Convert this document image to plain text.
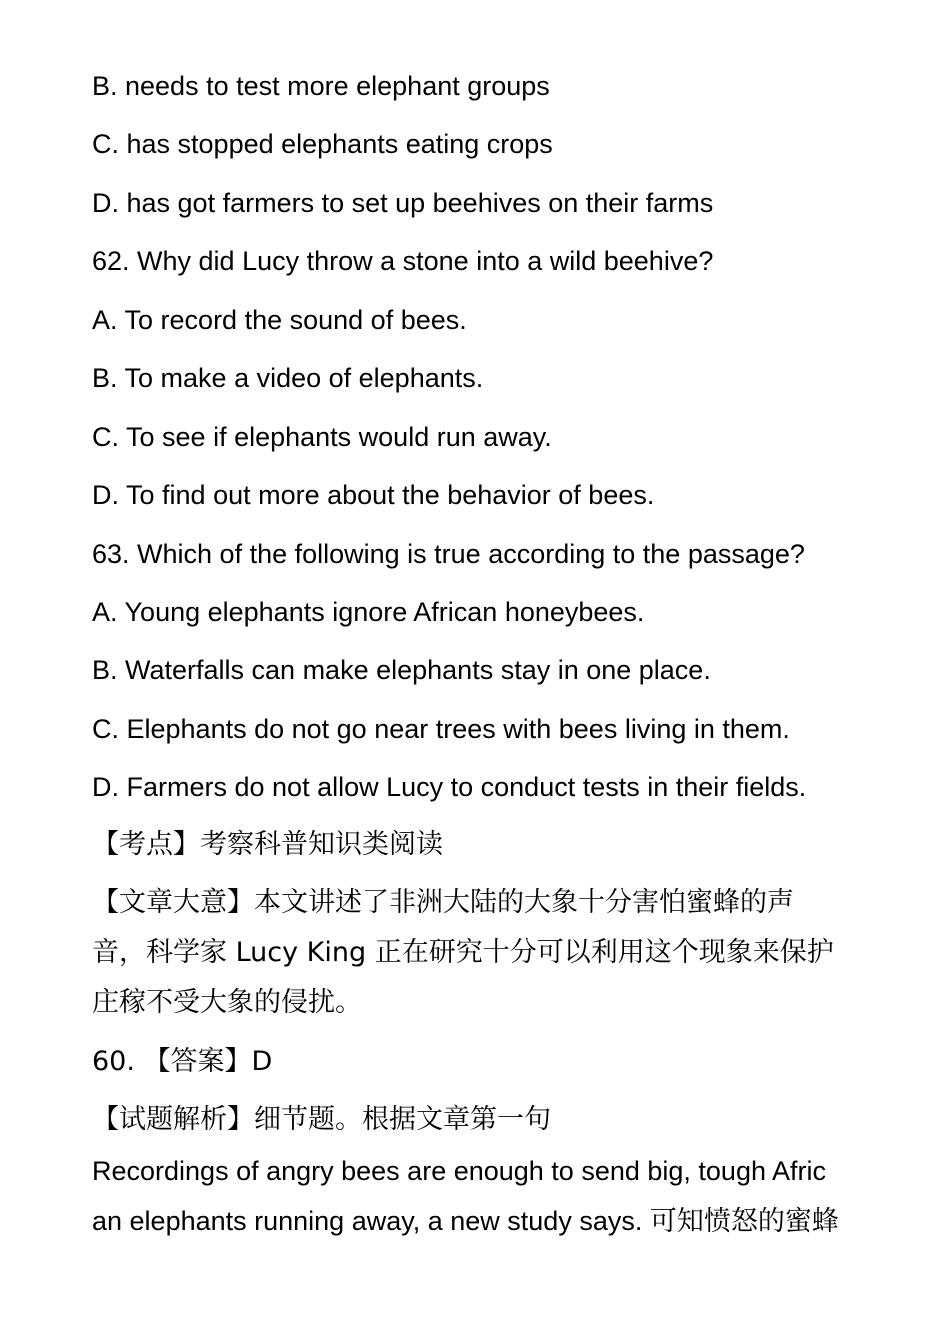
B. needs to test more elephant groups
C. has stopped elephants eating crops
D. has got farmers to set up beehives on their farms
62. Why did Lucy throw a stone into a wild beehive?
A. To record the sound of bees.
B. To make a video of elephants.
C. To see if elephants would run away.
D. To find out more about the behavior of bees.
63. Which of the following is true according to the passage?
A. Young elephants ignore African honeybees.
B. Waterfalls can make elephants stay in one place.
C. Elephants do not go near trees with bees living in them.
D. Farmers do not allow Lucy to conduct tests in their fields.
【考点】考察科普知识类阅读
【文章大意】本文讲述了非洲大陆的大象十分害怕蜜蜂的声
音，科学家 Lucy King 正在研究十分可以利用这个现象来保护
庄稼不受大象的侵扰。
60. 【答案】D
【试题解析】细节题。根据文章第一句
Recordings of angry bees are enough to send big, tough Afric
an elephants running away, a new study says. 可知愤怒的蜜蜂
